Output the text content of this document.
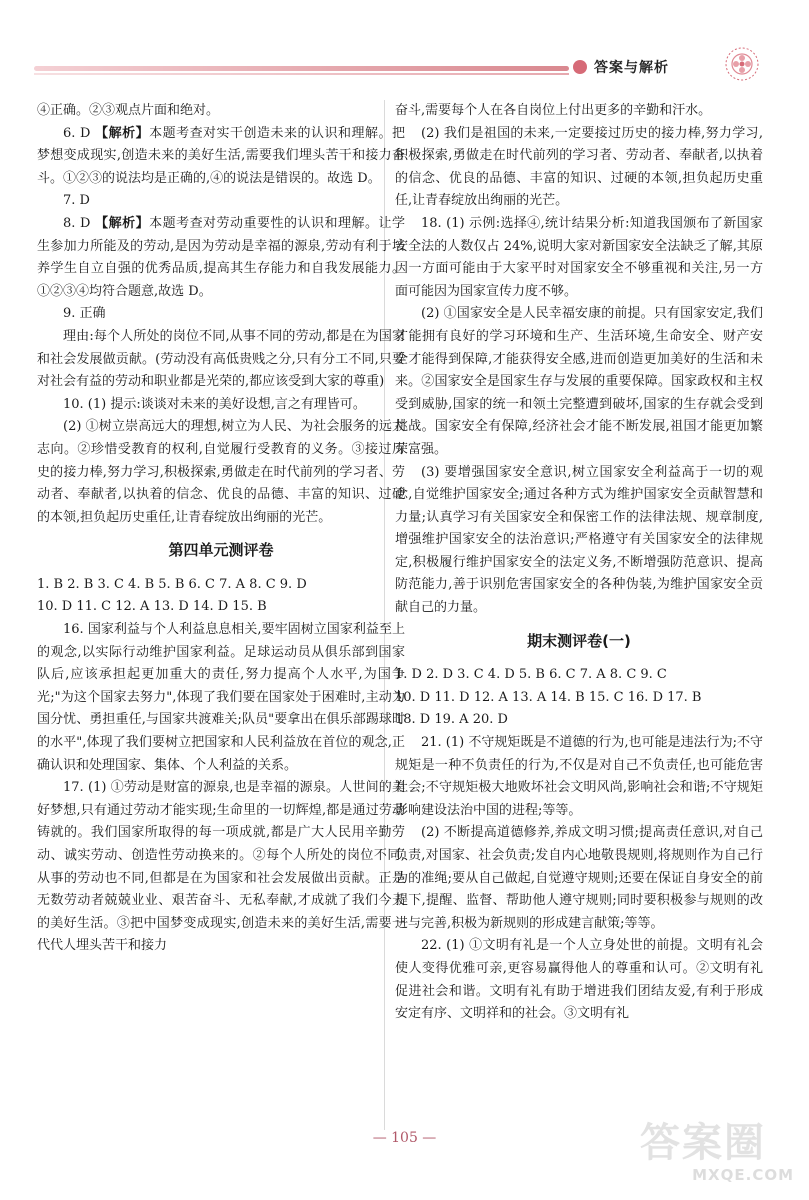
答案与解析

④正确。②③观点片面和绝对。

6. D 【解析】本题考查对实干创造未来的认识和理解。把梦想变成现实,创造未来的美好生活,需要我们埋头苦干和接力奋斗。①②③的说法均是正确的,④的说法是错误的。故选 D。

7. D

8. D 【解析】本题考查对劳动重要性的认识和理解。让学生参加力所能及的劳动,是因为劳动是幸福的源泉,劳动有利于培养学生自立自强的优秀品质,提高其生存能力和自我发展能力。①②③④均符合题意,故选 D。

9. 正确

理由:每个人所处的岗位不同,从事不同的劳动,都是在为国家和社会发展做贡献。(劳动没有高低贵贱之分,只有分工不同,只要对社会有益的劳动和职业都是光荣的,都应该受到大家的尊重)

10. (1) 提示:谈谈对未来的美好设想,言之有理皆可。

(2) ①树立崇高远大的理想,树立为人民、为社会服务的远大志向。②珍惜受教育的权利,自觉履行受教育的义务。③接过历史的接力棒,努力学习,积极探索,勇做走在时代前列的学习者、劳动者、奉献者,以执着的信念、优良的品德、丰富的知识、过硬的本领,担负起历史重任,让青春绽放出绚丽的光芒。

第四单元测评卷

1. B 2. B 3. C 4. B 5. B 6. C 7. A 8. C 9. D

10. D 11. C 12. A 13. D 14. D 15. B

16. 国家利益与个人利益息息相关,要牢固树立国家利益至上的观念,以实际行动维护国家利益。足球运动员从俱乐部到国家队后,应该承担起更加重大的责任,努力提高个人水平,为国争光;"为这个国家去努力",体现了我们要在国家处于困难时,主动为国分忧、勇担重任,与国家共渡难关;队员"要拿出在俱乐部踢球时的水平",体现了我们要树立把国家和人民利益放在首位的观念,正确认识和处理国家、集体、个人利益的关系。

17. (1) ①劳动是财富的源泉,也是幸福的源泉。人世间的美好梦想,只有通过劳动才能实现;生命里的一切辉煌,都是通过劳动铸就的。我们国家所取得的每一项成就,都是广大人民用辛勤劳动、诚实劳动、创造性劳动换来的。②每个人所处的岗位不同,从事的劳动也不同,但都是在为国家和社会发展做出贡献。正是无数劳动者兢兢业业、艰苦奋斗、无私奉献,才成就了我们今天的美好生活。③把中国梦变成现实,创造未来的美好生活,需要一代代人埋头苦干和接力

奋斗,需要每个人在各自岗位上付出更多的辛勤和汗水。

(2) 我们是祖国的未来,一定要接过历史的接力棒,努力学习,积极探索,勇做走在时代前列的学习者、劳动者、奉献者,以执着的信念、优良的品德、丰富的知识、过硬的本领,担负起历史重任,让青春绽放出绚丽的光芒。

18. (1) 示例:选择④,统计结果分析:知道我国颁布了新国家安全法的人数仅占 24%,说明大家对新国家安全法缺乏了解,其原因一方面可能由于大家平时对国家安全不够重视和关注,另一方面可能因为国家宣传力度不够。

(2) ①国家安全是人民幸福安康的前提。只有国家安定,我们才能拥有良好的学习环境和生产、生活环境,生命安全、财产安全才能得到保障,才能获得安全感,进而创造更加美好的生活和未来。②国家安全是国家生存与发展的重要保障。国家政权和主权受到威胁,国家的统一和领土完整遭到破坏,国家的生存就会受到挑战。国家安全有保障,经济社会才能不断发展,祖国才能更加繁荣富强。

(3) 要增强国家安全意识,树立国家安全利益高于一切的观念,自觉维护国家安全;通过各种方式为维护国家安全贡献智慧和力量;认真学习有关国家安全和保密工作的法律法规、规章制度,增强维护国家安全的法治意识;严格遵守有关国家安全的法律规定,积极履行维护国家安全的法定义务,不断增强防范意识、提高防范能力,善于识别危害国家安全的各种伪装,为维护国家安全贡献自己的力量。

期末测评卷(一)

1. D 2. D 3. C 4. D 5. B 6. C 7. A 8. C 9. C

10. D 11. D 12. A 13. A 14. B 15. C 16. D 17. B

18. D 19. A 20. D

21. (1) 不守规矩既是不道德的行为,也可能是违法行为;不守规矩是一种不负责任的行为,不仅是对自己不负责任,也可能危害社会;不守规矩极大地败坏社会文明风尚,影响社会和谐;不守规矩影响建设法治中国的进程;等等。

(2) 不断提高道德修养,养成文明习惯;提高责任意识,对自己负责,对国家、社会负责;发自内心地敬畏规则,将规则作为自己行为的准绳;要从自己做起,自觉遵守规则;还要在保证自身安全的前提下,提醒、监督、帮助他人遵守规则;同时要积极参与规则的改进与完善,积极为新规则的形成建言献策;等等。

22. (1) ①文明有礼是一个人立身处世的前提。文明有礼会使人变得优雅可亲,更容易赢得他人的尊重和认可。②文明有礼促进社会和谐。文明有礼有助于增进我们团结友爱,有利于形成安定有序、文明祥和的社会。③文明有礼

— 105 —	答案圈
MXQE.COM
